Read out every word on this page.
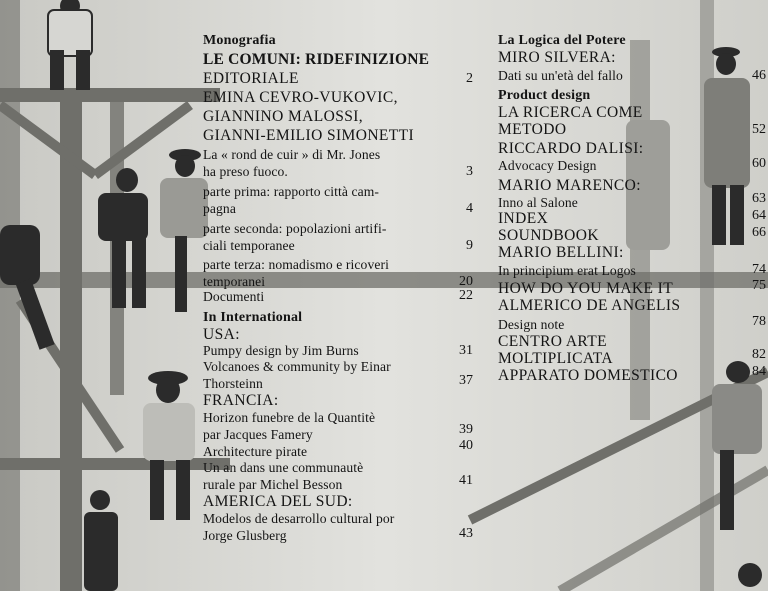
Monografia
LE COMUNI: RIDEFINIZIONE
EDITORIALE	2
EMINA CEVRO-VUKOVIC,
GIANNINO MALOSSI,
GIANNI-EMILIO SIMONETTI
La « rond de cuir » di Mr. Jones
ha preso fuoco.	3
parte prima: rapporto città cam-
pagna	4
parte seconda: popolazioni artifi-
ciali temporanee	9
parte terza: nomadismo e ricoveri
temporanei	20
Documenti	22
In International
USA:
Pumpy design by Jim Burns	31
Volcanoes & community by Einar
Thorsteinn	37
FRANCIA:
Horizon funebre de la Quantitè
par Jacques Famery	39
Architecture pirate	40
Un an dans une communautè
rurale par Michel Besson	41
AMERICA DEL SUD:
Modelos de desarrollo cultural por
Jorge Glusberg	43
La Logica del Potere
MIRO SILVERA:
Dati su un'età del fallo	46
Product design
LA RICERCA COME
METODO	52
RICCARDO DALISI:
Advocacy Design	60
MARIO MARENCO:
Inno al Salone	63
INDEX	64
SOUNDBOOK	66
MARIO BELLINI:
In principium erat Logos	74
HOW DO YOU MAKE IT	75
ALMERICO DE ANGELIS
Design note	78
CENTRO ARTE
MOLTIPLICATA	82
APPARATO DOMESTICO	84
